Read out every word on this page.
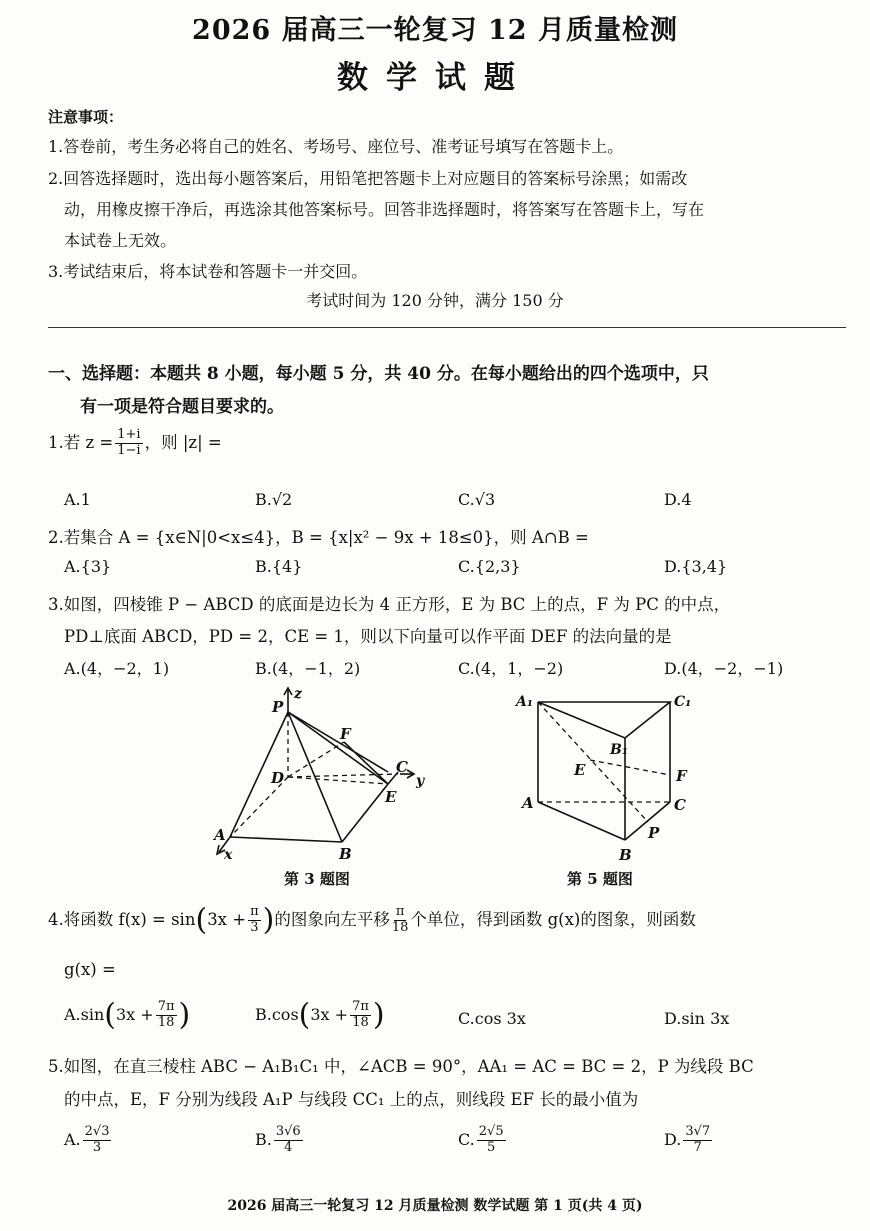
2026 届高三一轮复习 12 月质量检测
数学试题
注意事项：
1.答卷前，考生务必将自己的姓名、考场号、座位号、准考证号填写在答题卡上。
2.回答选择题时，选出每小题答案后，用铅笔把答题卡上对应题目的答案标号涂黑；如需改
动，用橡皮擦干净后，再选涂其他答案标号。回答非选择题时，将答案写在答题卡上，写在
本试卷上无效。
3.考试结束后，将本试卷和答题卡一并交回。
考试时间为 120 分钟，满分 150 分
一、选择题：本题共 8 小题，每小题 5 分，共 40 分。在每小题给出的四个选项中，只
有一项是符合题目要求的。
1.若 $z = \frac{1+i}{1-i}$ ，则 |z| =
A.1	B.√2	C.√3	D.4
2.若集合 A = {x∈N|0<x≤4}，B = {x|x² − 9x + 18≤0}，则 A∩B =
A.{3}	B.{4}	C.{2,3}	D.{3,4}
3.如图，四棱锥 P − ABCD 的底面是边长为 4 正方形，E 为 BC 上的点，F 为 PC 的中点，
PD⊥底面 ABCD，PD = 2，CE = 1，则以下向量可以作平面 DEF 的法向量的是
A.(4，−2，1)	B.(4，−1，2)	C.(4，1，−2)	D.(4，−2，−1)
P
z
F
D
C
y
E
A
x	B
第 3 题图
A₁	C₁
B₁
E	F
A	C
P
B
第 5 题图
4.将函数 $f(x) = \sin(3x + \frac{\pi}{3}$ )的图象向左平移 $\frac{\pi}{18}$ 个单位，得到函数 g(x)的图象，则函数
g(x) =
$A.\sin(3x + \frac{7\pi}{18}$ )	$B.\cos(3x + \frac{7\pi}{18}$ )	C.cos 3x	D.sin 3x
5.如图，在直三棱柱 ABC − A₁B₁C₁ 中，∠ACB = 90°，AA₁ = AC = BC = 2，P 为线段 BC
的中点，E，F 分别为线段 A₁P 与线段 CC₁ 上的点，则线段 EF 长的最小值为
A. $\frac{2√3}{3}$	B. $\frac{3√6}{4}$	C. $\frac{2√5}{5}$	D. $\frac{3√7}{7}$
2026 届高三一轮复习 12 月质量检测 数学试题 第 1 页(共 4 页)
